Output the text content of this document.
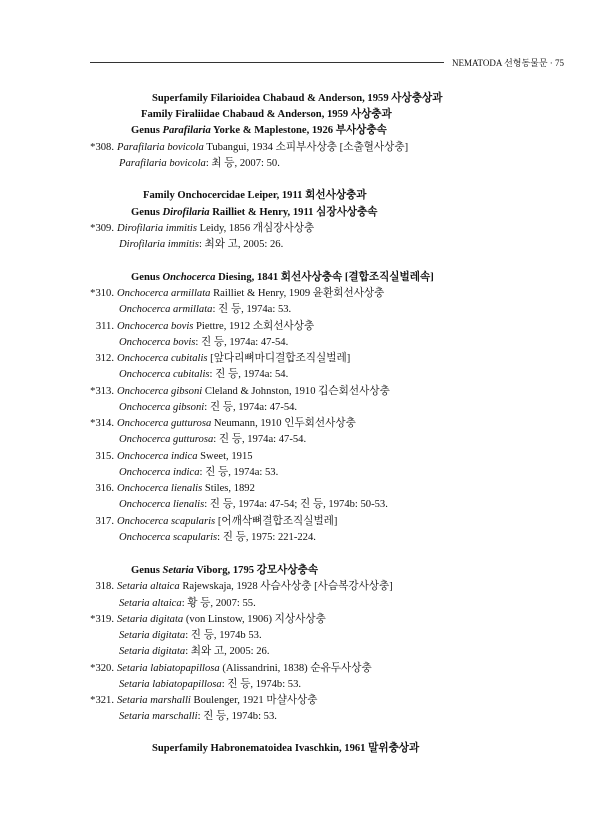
NEMATODA 선형동물문 · 75
Superfamily Filarioidea Chabaud & Anderson, 1959 사상충상과
Family Firaliidae Chabaud & Anderson, 1959 사상충과
Genus Parafilaria Yorke & Maplestone, 1926 부사상충속
*308. Parafilaria bovicola Tubangui, 1934 소피부사상충 [소출혈사상충]
Parafilaria bovicola: 최 등, 2007: 50.
Family Onchocercidae Leiper, 1911 회선사상충과
Genus Dirofilaria Railliet & Henry, 1911 심장사상충속
*309. Dirofilaria immitis Leidy, 1856 개심장사상충
Dirofilaria immitis: 최와 고, 2005: 26.
Genus Onchocerca Diesing, 1841 회선사상충속 [결합조직실벌레속]
*310. Onchocerca armillata Railliet & Henry, 1909 윤환회선사상충
Onchocerca armillata: 진 등, 1974a: 53.
311. Onchocerca bovis Piettre, 1912 소회선사상충
Onchocerca bovis: 진 등, 1974a: 47-54.
312. Onchocerca cubitalis [앞다리뼈마디결합조직실벌레]
Onchocerca cubitalis: 진 등, 1974a: 54.
*313. Onchocerca gibsoni Cleland & Johnston, 1910 깁슨회선사상충
Onchocerca gibsoni: 진 등, 1974a: 47-54.
*314. Onchocerca gutturosa Neumann, 1910 인두회선사상충
Onchocerca gutturosa: 진 등, 1974a: 47-54.
315. Onchocerca indica Sweet, 1915
Onchocerca indica: 진 등, 1974a: 53.
316. Onchocerca lienalis Stiles, 1892
Onchocerca lienalis: 진 등, 1974a: 47-54; 진 등, 1974b: 50-53.
317. Onchocerca scapularis [어깨삭뼈결합조직실벌레]
Onchocerca scapularis: 진 등, 1975: 221-224.
Genus Setaria Viborg, 1795 강모사상충속
318. Setaria altaica Rajewskaja, 1928 사슴사상충 [사슴복강사상충]
Setaria altaica: 황 등, 2007: 55.
*319. Setaria digitata (von Linstow, 1906) 지상사상충
Setaria digitata: 진 등, 1974b 53.
Setaria digitata: 최와 고, 2005: 26.
*320. Setaria labiatopapillosa (Alissandrini, 1838) 순유두사상충
Setaria labiatopapillosa: 진 등, 1974b: 53.
*321. Setaria marshalli Boulenger, 1921 마샬사상충
Setaria marschalli: 진 등, 1974b: 53.
Superfamily Habronematoidea Ivaschkin, 1961 말위충상과
